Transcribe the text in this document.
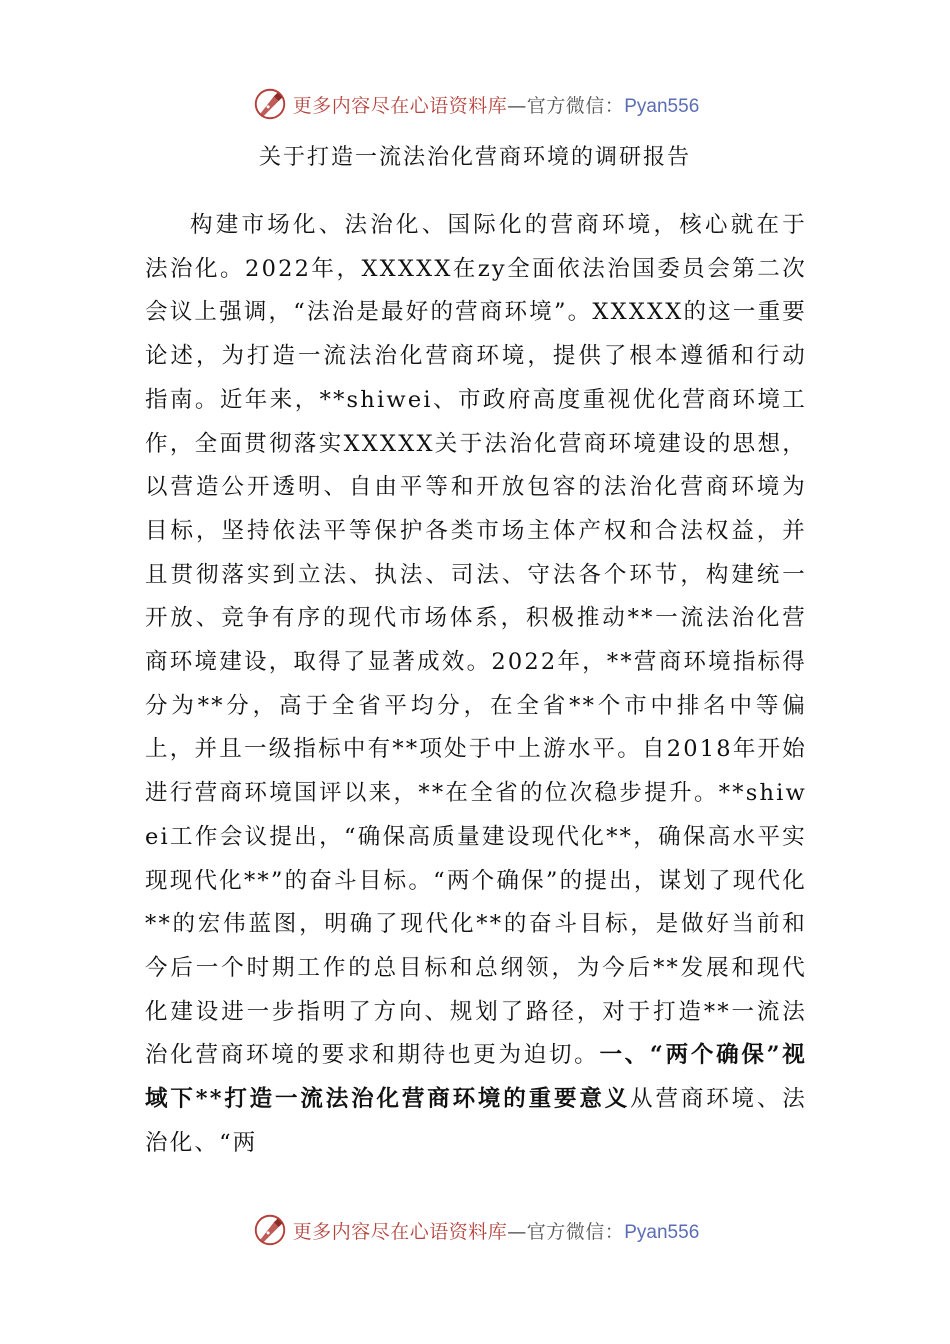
更多内容尽在心语资料库—官方微信：Pyan556
关于打造一流法治化营商环境的调研报告

构建市场化、法治化、国际化的营商环境，核心就在于法治化。2022年，XXXXX在zy全面依法治国委员会第二次会议上强调，“法治是最好的营商环境”。XXXXX的这一重要论述，为打造一流法治化营商环境，提供了根本遵循和行动指南。近年来，**shiwei、市政府高度重视优化营商环境工作，全面贯彻落实XXXXX关于法治化营商环境建设的思想，以营造公开透明、自由平等和开放包容的法治化营商环境为目标，坚持依法平等保护各类市场主体产权和合法权益，并且贯彻落实到立法、执法、司法、守法各个环节，构建统一开放、竞争有序的现代市场体系，积极推动**一流法治化营商环境建设，取得了显著成效。2022年，**营商环境指标得分为**分，高于全省平均分，在全省**个市中排名中等偏上，并且一级指标中有**项处于中上游水平。自2018年开始进行营商环境国评以来，**在全省的位次稳步提升。**shiwei工作会议提出，“确保高质量建设现代化**，确保高水平实现现代化**”的奋斗目标。“两个确保”的提出，谋划了现代化**的宏伟蓝图，明确了现代化**的奋斗目标，是做好当前和今后一个时期工作的总目标和总纲领，为今后**发展和现代化建设进一步指明了方向、规划了路径，对于打造**一流法治化营商环境的要求和期待也更为迫切。一、“两个确保”视域下**打造一流法治化营商环境的重要意义从营商环境、法治化、“两

更多内容尽在心语资料库—官方微信：Pyan556
